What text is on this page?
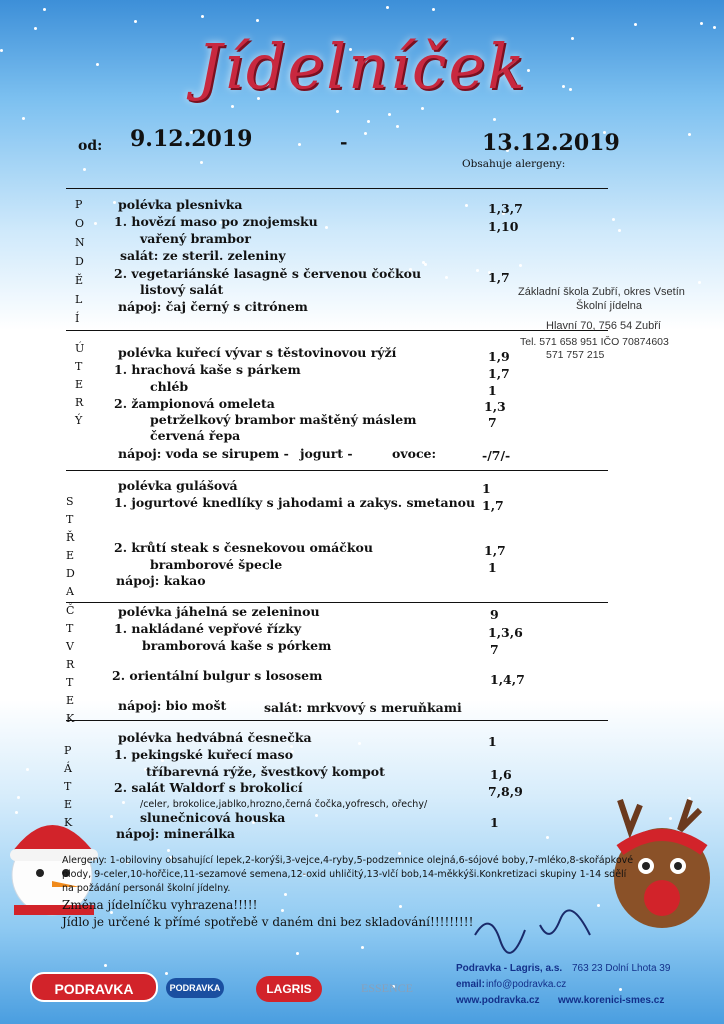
Jídelníček
od: 9.12.2019	-	13.12.2019
Obsahuje alergeny:
P
O
N
D
Ě
L
Í
polévka plesnivka	1,3,7
1. hovězí maso po znojemsku	1,10
vařený brambor
salát: ze steril. zeleniny
2. vegetariánské lasagně s červenou čočkou	1,7
listový salát
nápoj: čaj černý s citrónem
Základní škola Zubří, okres Vsetín
Školní jídelna
Hlavní 70, 756 54 Zubří
Tel. 571 658 951 IČO 70874603
571 757 215
Ú
T
E
R
Ý
polévka kuřecí vývar s těstovinovou rýží	1,9
1. hrachová kaše s párkem	1,7
chléb	1
2. žampionová omeleta	1,3
petrželkový brambor maštěný máslem	7
červená řepa
nápoj: voda se sirupem - jogurt -	ovoce:	-/7/-
S
T
Ř
E
D
A
polévka gulášová	1
1. jogurtové knedlíky s jahodami a zakys. smetanou 1,7
2. krůtí steak s česnekovou omáčkou	1,7
bramborové špecle	1
nápoj: kakao
Č
T
V
R
T
E
K
polévka jáhelná se zeleninou	9
1. nakládané vepřové řízky	1,3,6
bramborová kaše s pórkem	7
2. orientální bulgur s lososem	1,4,7
nápoj: bio mošt	salát: mrkvový s meruňkami
P
Á
T
E
K
polévka hedvábná česnečka	1
1. pekingské kuřecí maso
tříbarevná rýže, švestkový kompot	1,6
2. salát Waldorf s brokolicí	7,8,9
/celer, brokolice,jablko,hrozno,černá čočka,yofresch, ořechy/
slunečnicová houska	1
nápoj: minerálka
Alergeny: 1-obiloviny obsahující lepek,2-korýši,3-vejce,4-ryby,5-podzemnice olejná,6-sójové boby,7-mléko,8-skořápkové
plody, 9-celer,10-hořčice,11-sezamové semena,12-oxid uhličitý,13-vlčí bob,14-měkkýši.Konkretizaci skupiny 1-14 sdělí
na požádání personál školní jídelny.
Změna jídelníčku vyhrazena!!!!!
Jídlo je určené k přímé spotřebě v daném dni bez skladování!!!!!!!!!
PODRAVKA	PODRAVKA	LAGRIS	ESSENCE
Podravka - Lagris, a.s. 763 23 Dolní Lhota 39
email: info@podravka.cz
www.podravka.cz www.korenici-smes.cz
